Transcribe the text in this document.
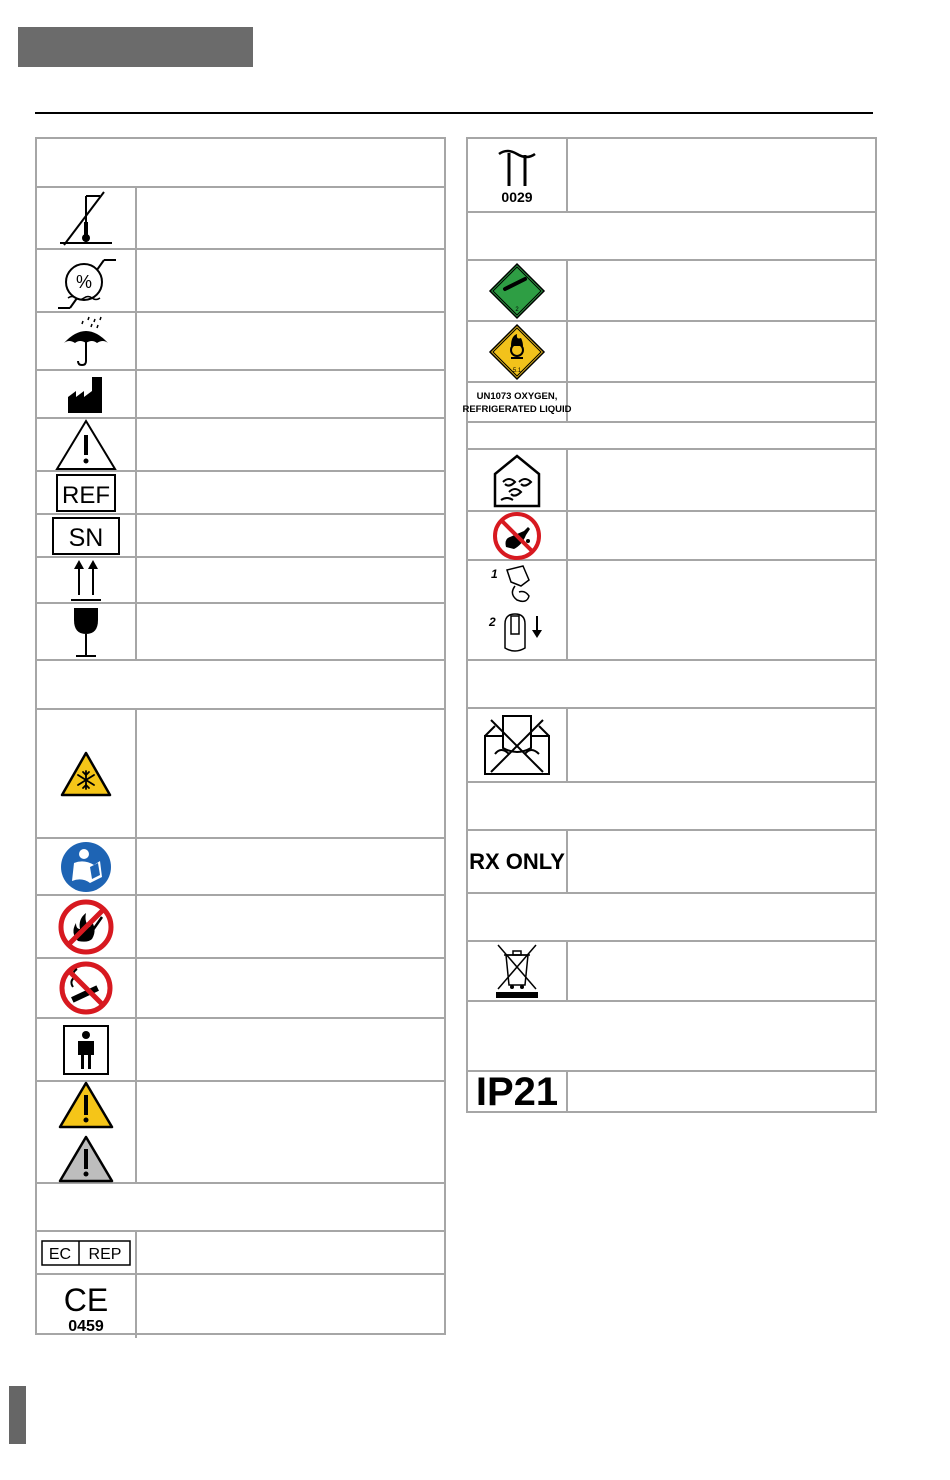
%
REF
SN
EC REP
CE
0459
0029
2
5.1
UN1073 OXYGEN,
REFRIGERATED LIQUID
1
2
RX ONLY
IP21
